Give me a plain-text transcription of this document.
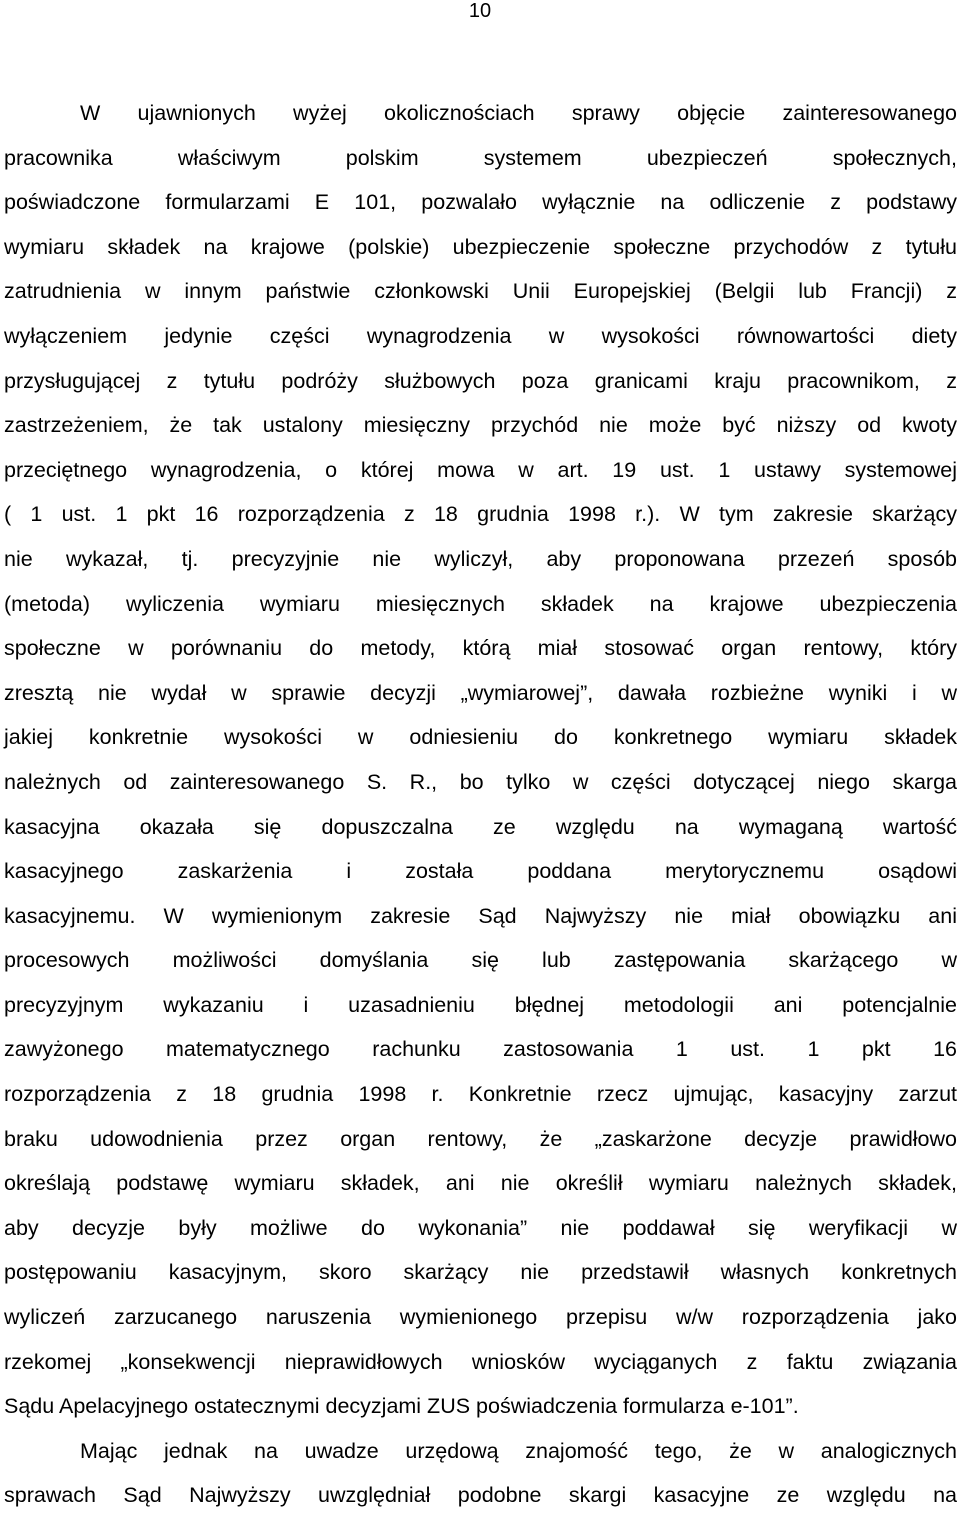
10
W ujawnionych wyżej okolicznościach sprawy objęcie zainteresowanego
pracownika właściwym polskim systemem ubezpieczeń społecznych,
poświadczone formularzami E 101, pozwalało wyłącznie na odliczenie z podstawy
wymiaru składek na krajowe (polskie) ubezpieczenie społeczne przychodów z tytułu
zatrudnienia w innym państwie członkowski Unii Europejskiej (Belgii lub Francji) z
wyłączeniem jedynie części wynagrodzenia w wysokości równowartości diety
przysługującej z tytułu podróży służbowych poza granicami kraju pracownikom, z
zastrzeżeniem, że tak ustalony miesięczny przychód nie może być niższy od kwoty
przeciętnego wynagrodzenia, o której mowa w art. 19 ust. 1 ustawy systemowej
( 1 ust. 1 pkt 16 rozporządzenia z 18 grudnia 1998 r.). W tym zakresie skarżący
nie wykazał, tj. precyzyjnie nie wyliczył, aby proponowana przezeń sposób
(metoda) wyliczenia wymiaru miesięcznych składek na krajowe ubezpieczenia
społeczne w porównaniu do metody, którą miał stosować organ rentowy, który
zresztą nie wydał w sprawie decyzji „wymiarowej”, dawała rozbieżne wyniki i w
jakiej konkretnie wysokości w odniesieniu do konkretnego wymiaru składek
należnych od zainteresowanego S. R., bo tylko w części dotyczącej niego skarga
kasacyjna okazała się dopuszczalna ze względu na wymaganą wartość
kasacyjnego zaskarżenia i została poddana merytorycznemu osądowi
kasacyjnemu. W wymienionym zakresie Sąd Najwyższy nie miał obowiązku ani
procesowych możliwości domyślania się lub zastępowania skarżącego w
precyzyjnym wykazaniu i uzasadnieniu błędnej metodologii ani potencjalnie
zawyżonego matematycznego rachunku zastosowania 1 ust. 1 pkt 16
rozporządzenia z 18 grudnia 1998 r. Konkretnie rzecz ujmując, kasacyjny zarzut
braku udowodnienia przez organ rentowy, że „zaskarżone decyzje prawidłowo
określają podstawę wymiaru składek, ani nie określił wymiaru należnych składek,
aby decyzje były możliwe do wykonania” nie poddawał się weryfikacji w
postępowaniu kasacyjnym, skoro skarżący nie przedstawił własnych konkretnych
wyliczeń zarzucanego naruszenia wymienionego przepisu w/w rozporządzenia jako
rzekomej „konsekwencji nieprawidłowych wniosków wyciąganych z faktu związania
Sądu Apelacyjnego ostatecznymi decyzjami ZUS poświadczenia formularza e-101”.
Mając jednak na uwadze urzędową znajomość tego, że w analogicznych
sprawach Sąd Najwyższy uwzględniał podobne skargi kasacyjne ze względu na
